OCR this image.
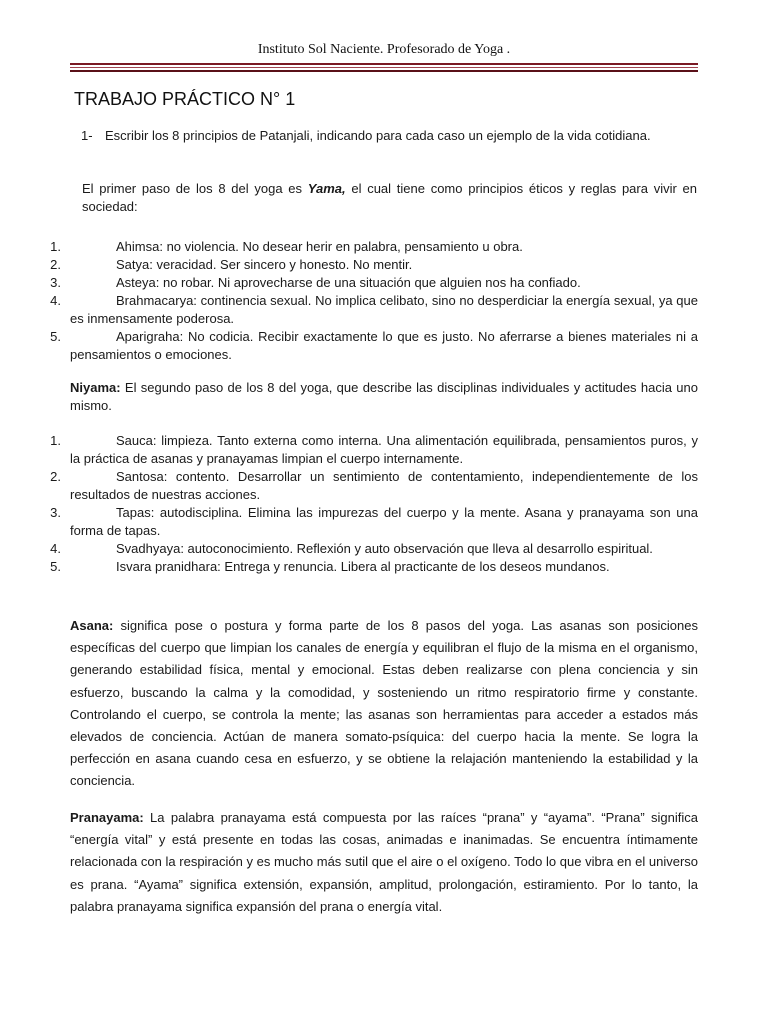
Instituto Sol Naciente. Profesorado de Yoga .
TRABAJO PRÁCTICO N° 1
1- Escribir los 8 principios de Patanjali, indicando para cada caso un ejemplo de la vida cotidiana.
El primer paso de los 8 del yoga es Yama, el cual tiene como principios éticos y reglas para vivir en sociedad:
1.	Ahimsa: no violencia. No desear herir en palabra, pensamiento u obra.
2.	Satya: veracidad. Ser sincero y honesto. No mentir.
3.	Asteya: no robar. Ni aprovecharse de una situación que alguien nos ha confiado.
4.	Brahmacarya: continencia sexual. No implica celibato, sino no desperdiciar la energía sexual, ya que es inmensamente poderosa.
5.	Aparigraha: No codicia. Recibir exactamente lo que es justo. No aferrarse a bienes materiales ni a pensamientos o emociones.
Niyama: El segundo paso de los 8 del yoga, que describe las disciplinas individuales y actitudes hacia uno mismo.
1.	Sauca: limpieza. Tanto externa como interna. Una alimentación equilibrada, pensamientos puros, y la práctica de asanas y pranayamas limpian el cuerpo internamente.
2.	Santosa: contento. Desarrollar un sentimiento de contentamiento, independientemente de los resultados de nuestras acciones.
3.	Tapas: autodisciplina. Elimina las impurezas del cuerpo y la mente. Asana y pranayama son una forma de tapas.
4.	Svadhyaya: autoconocimiento. Reflexión y auto observación que lleva al desarrollo espiritual.
5.	Isvara pranidhara: Entrega y renuncia. Libera al practicante de los deseos mundanos.
Asana: significa pose o postura y forma parte de los 8 pasos del yoga. Las asanas son posiciones específicas del cuerpo que limpian los canales de energía y equilibran el flujo de la misma en el organismo, generando estabilidad física, mental y emocional. Estas deben realizarse con plena conciencia y sin esfuerzo, buscando la calma y la comodidad, y sosteniendo un ritmo respiratorio firme y constante. Controlando el cuerpo, se controla la mente; las asanas son herramientas para acceder a estados más elevados de conciencia. Actúan de manera somato-psíquica: del cuerpo hacia la mente. Se logra la perfección en asana cuando cesa en esfuerzo, y se obtiene la relajación manteniendo la estabilidad y la conciencia.
Pranayama: La palabra pranayama está compuesta por las raíces “prana” y “ayama”. “Prana” significa “energía vital” y está presente en todas las cosas, animadas e inanimadas. Se encuentra íntimamente relacionada con la respiración y es mucho más sutil que el aire o el oxígeno. Todo lo que vibra en el universo es prana. “Ayama” significa extensión, expansión, amplitud, prolongación, estiramiento. Por lo tanto, la palabra pranayama significa expansión del prana o energía vital.
